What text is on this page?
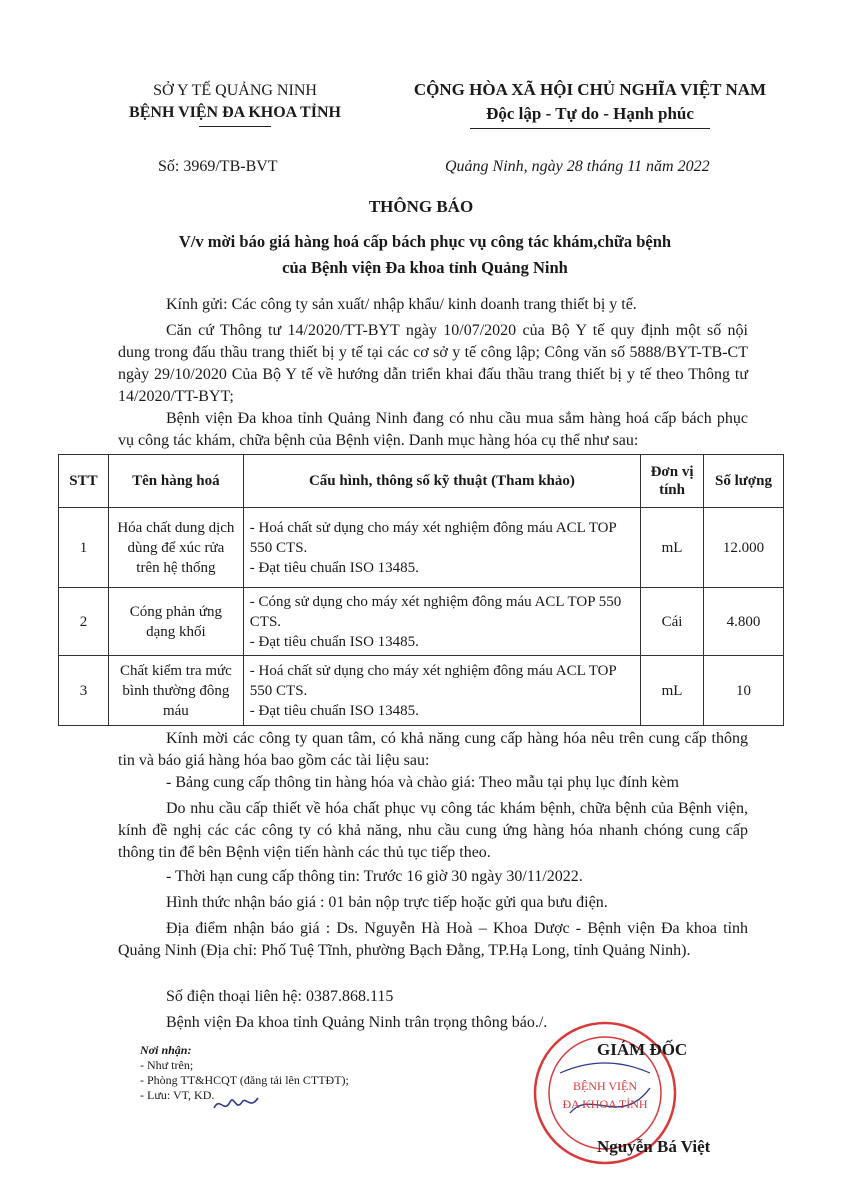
SỞ Y TẾ QUẢNG NINH
BỆNH VIỆN ĐA KHOA TỈNH
CỘNG HÒA XÃ HỘI CHỦ NGHĨA VIỆT NAM
Độc lập - Tự do - Hạnh phúc
Số: 3969/TB-BVT	Quảng Ninh, ngày 28 tháng 11 năm 2022
THÔNG BÁO
V/v mời báo giá hàng hoá cấp bách phục vụ công tác khám,chữa bệnh
của Bệnh viện Đa khoa tỉnh Quảng Ninh
Kính gửi: Các công ty sản xuất/ nhập khẩu/ kinh doanh trang thiết bị y tế.
Căn cứ Thông tư 14/2020/TT-BYT ngày 10/07/2020 của Bộ Y tế quy định một số nội dung trong đấu thầu trang thiết bị y tế tại các cơ sở y tế công lập; Công văn số 5888/BYT-TB-CT ngày 29/10/2020 Của Bộ Y tế về hướng dẫn triển khai đấu thầu trang thiết bị y tế theo Thông tư 14/2020/TT-BYT;
Bệnh viện Đa khoa tỉnh Quảng Ninh đang có nhu cầu mua sắm hàng hoá cấp bách phục vụ công tác khám, chữa bệnh của Bệnh viện. Danh mục hàng hóa cụ thể như sau:
STT	Tên hàng hoá	Cấu hình, thông số kỹ thuật (Tham khảo)	Đơn vị tính	Số lượng
1	Hóa chất dung dịch dùng để xúc rửa trên hệ thống	- Hoá chất sử dụng cho máy xét nghiệm đông máu ACL TOP 550 CTS.
- Đạt tiêu chuẩn ISO 13485.	mL	12.000
2	Cóng phản ứng dạng khối	- Cóng sử dụng cho máy xét nghiệm đông máu ACL TOP 550 CTS.
- Đạt tiêu chuẩn ISO 13485.	Cái	4.800
3	Chất kiểm tra mức bình thường đông máu	- Hoá chất sử dụng cho máy xét nghiệm đông máu ACL TOP 550 CTS.
- Đạt tiêu chuẩn ISO 13485.	mL	10
Kính mời các công ty quan tâm, có khả năng cung cấp hàng hóa nêu trên cung cấp thông tin và báo giá hàng hóa bao gồm các tài liệu sau:
- Bảng cung cấp thông tin hàng hóa và chào giá: Theo mẫu tại phụ lục đính kèm
Do nhu cầu cấp thiết về hóa chất phục vụ công tác khám bệnh, chữa bệnh của Bệnh viện, kính đề nghị các các công ty có khả năng, nhu cầu cung ứng hàng hóa nhanh chóng cung cấp thông tin để bên Bệnh viện tiến hành các thủ tục tiếp theo.
- Thời hạn cung cấp thông tin: Trước 16 giờ 30 ngày 30/11/2022.
Hình thức nhận báo giá : 01 bản nộp trực tiếp hoặc gửi qua bưu điện.
Địa điểm nhận báo giá : Ds. Nguyễn Hà Hoà – Khoa Dược - Bệnh viện Đa khoa tỉnh Quảng Ninh (Địa chỉ: Phố Tuệ Tĩnh, phường Bạch Đằng, TP.Hạ Long, tỉnh Quảng Ninh).
Số điện thoại liên hệ: 0387.868.115
Bệnh viện Đa khoa tỉnh Quảng Ninh trân trọng thông báo./.
Nơi nhận:
- Như trên;
- Phòng TT&HCQT (đăng tải lên CTTĐT);
- Lưu: VT, KD.
BỆNH VIỆN
ĐA KHOA TỈNH
GIÁM ĐỐC
Nguyễn Bá Việt
